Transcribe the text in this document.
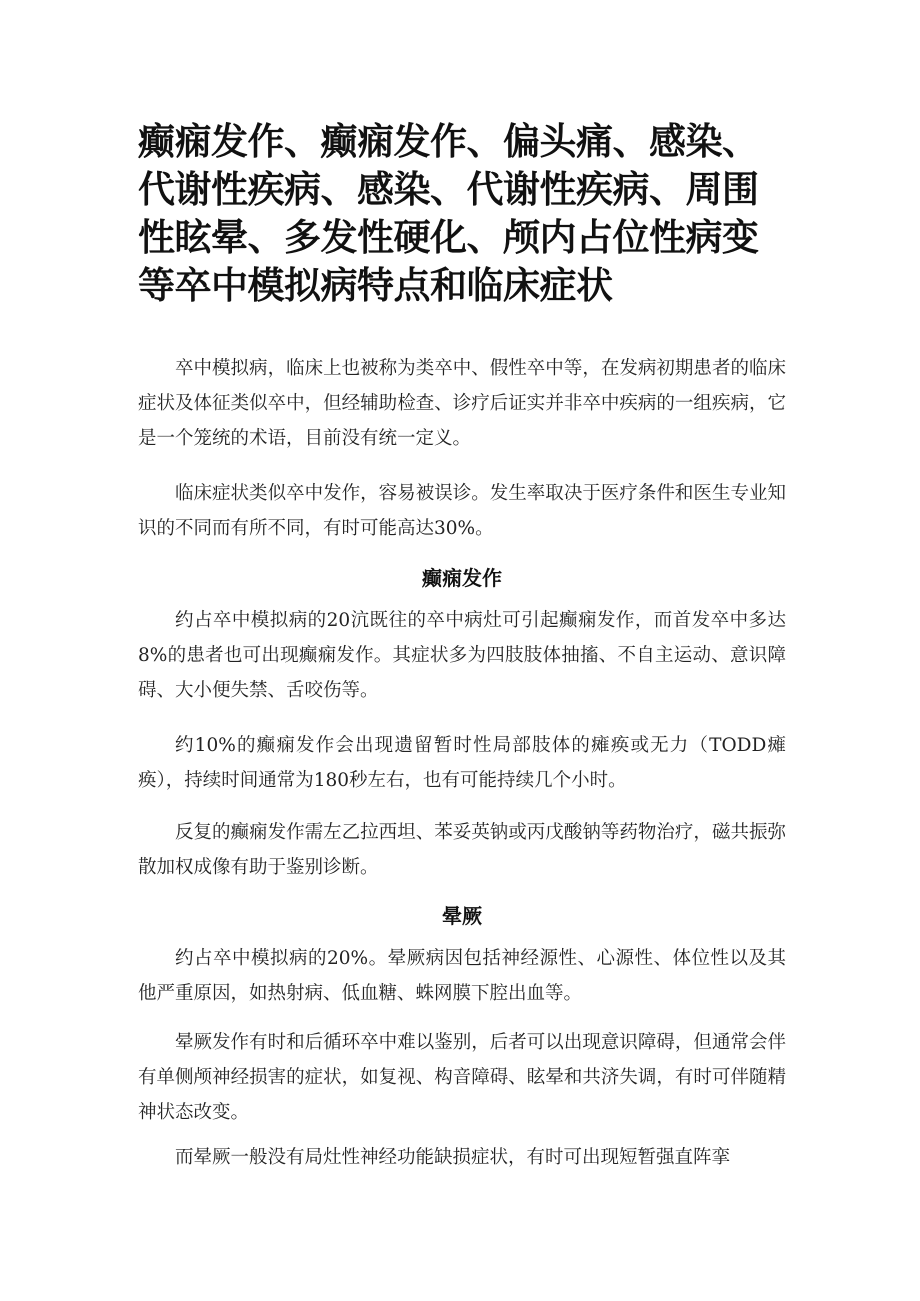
癫痫发作、癫痫发作、偏头痛、感染、代谢性疾病、感染、代谢性疾病、周围性眩晕、多发性硬化、颅内占位性病变等卒中模拟病特点和临床症状

卒中模拟病，临床上也被称为类卒中、假性卒中等，在发病初期患者的临床症状及体征类似卒中，但经辅助检查、诊疗后证实并非卒中疾病的一组疾病，它是一个笼统的术语，目前没有统一定义。

临床症状类似卒中发作，容易被误诊。发生率取决于医疗条件和医生专业知识的不同而有所不同，有时可能高达30%。

癫痫发作

约占卒中模拟病的20沆既往的卒中病灶可引起癫痫发作，而首发卒中多达8%的患者也可出现癫痫发作。其症状多为四肢肢体抽搐、不自主运动、意识障碍、大小便失禁、舌咬伤等。

约10%的癫痫发作会出现遗留暂时性局部肢体的瘫痪或无力（TODD瘫痪），持续时间通常为180秒左右，也有可能持续几个小时。

反复的癫痫发作需左乙拉西坦、苯妥英钠或丙戊酸钠等药物治疗，磁共振弥散加权成像有助于鉴别诊断。

晕厥

约占卒中模拟病的20%。晕厥病因包括神经源性、心源性、体位性以及其他严重原因，如热射病、低血糖、蛛网膜下腔出血等。

晕厥发作有时和后循环卒中难以鉴别，后者可以出现意识障碍，但通常会伴有单侧颅神经损害的症状，如复视、构音障碍、眩晕和共济失调，有时可伴随精神状态改变。

而晕厥一般没有局灶性神经功能缺损症状，有时可出现短暂强直阵挛
